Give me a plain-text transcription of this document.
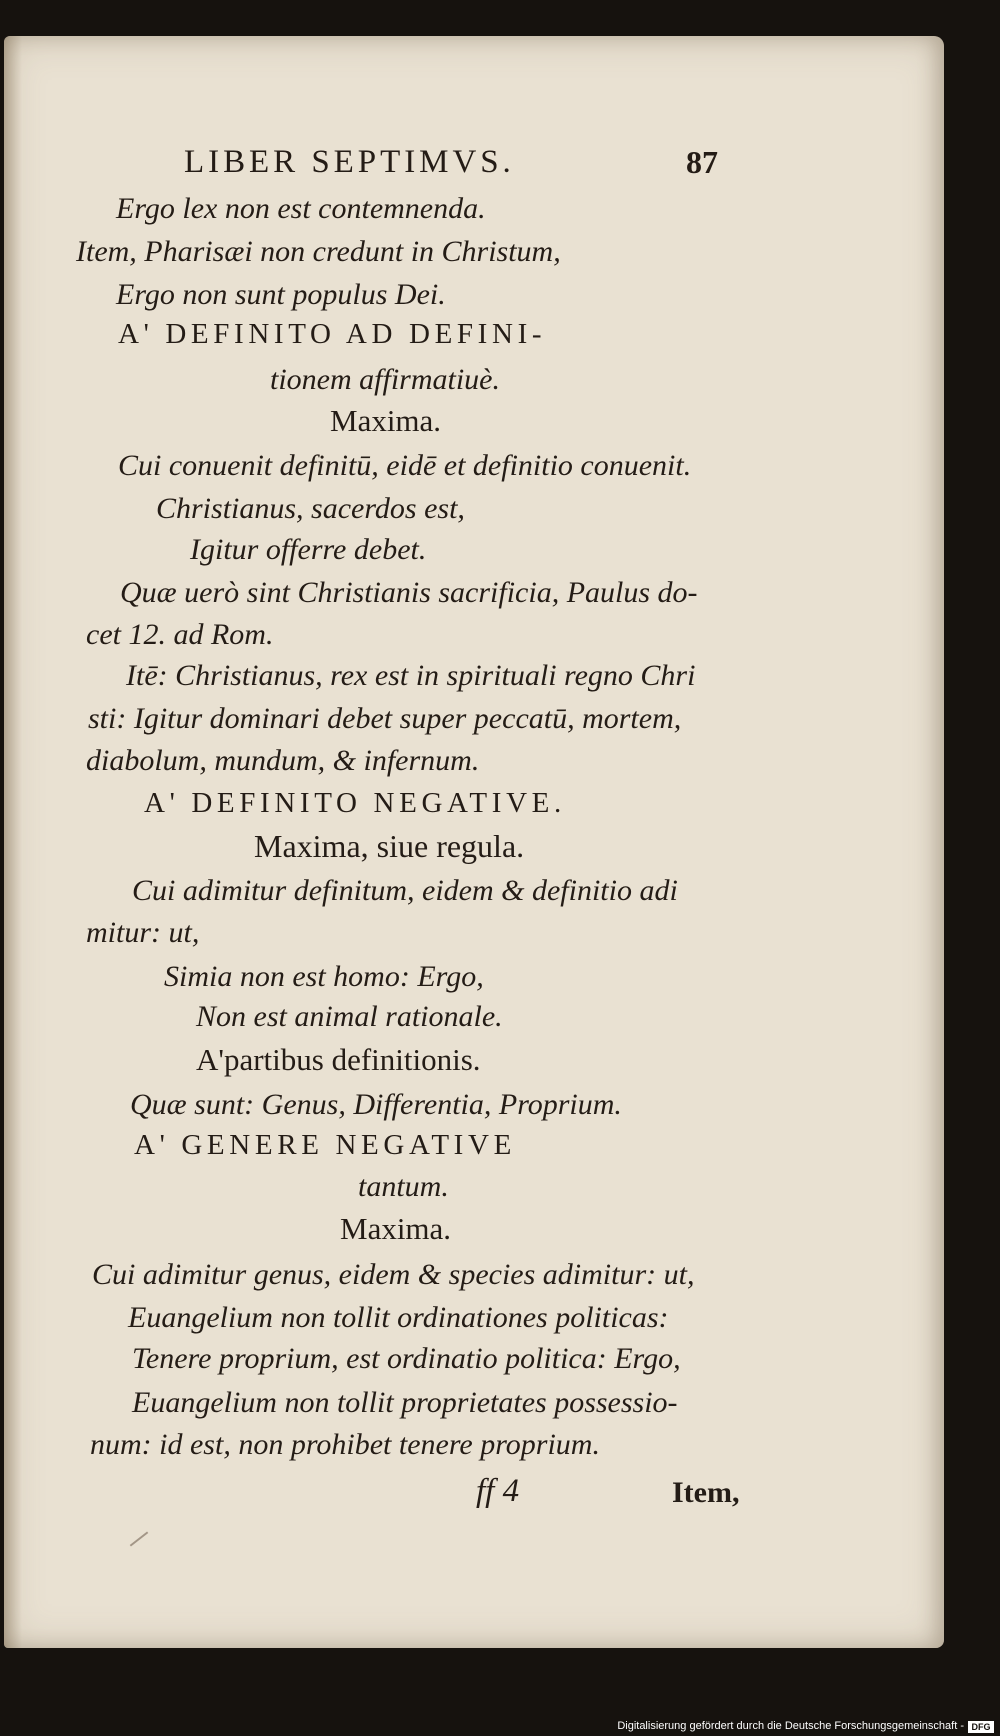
LIBER SEPTIMVS.	87
Ergo lex non est contemnenda.
Item, Pharisæi non credunt in Christum,
Ergo non sunt populus Dei.
A' DEFINITO AD DEFINI-
tionem affirmatiuè.
Maxima.
Cui conuenit definitū, eidē et definitio conuenit.
Christianus, sacerdos est,
Igitur offerre debet.
Quæ uerò sint Christianis sacrificia, Paulus do-
cet 12. ad Rom.
Itē: Christianus, rex est in spirituali regno Chri
sti: Igitur dominari debet super peccatū, mortem,
diabolum, mundum, & infernum.
A' DEFINITO NEGATIVE.
Maxima, siue regula.
Cui adimitur definitum, eidem & definitio adi
mitur: ut,
Simia non est homo: Ergo,
Non est animal rationale.
A'partibus definitionis.
Quæ sunt: Genus, Differentia, Proprium.
A' GENERE NEGATIVE
tantum.
Maxima.
Cui adimitur genus, eidem & species adimitur: ut,
Euangelium non tollit ordinationes politicas:
Tenere proprium, est ordinatio politica: Ergo,
Euangelium non tollit proprietates possessio-
num: id est, non prohibet tenere proprium.
ff 4	Item,
Digitalisierung gefördert durch die Deutsche Forschungsgemeinschaft - DFG
